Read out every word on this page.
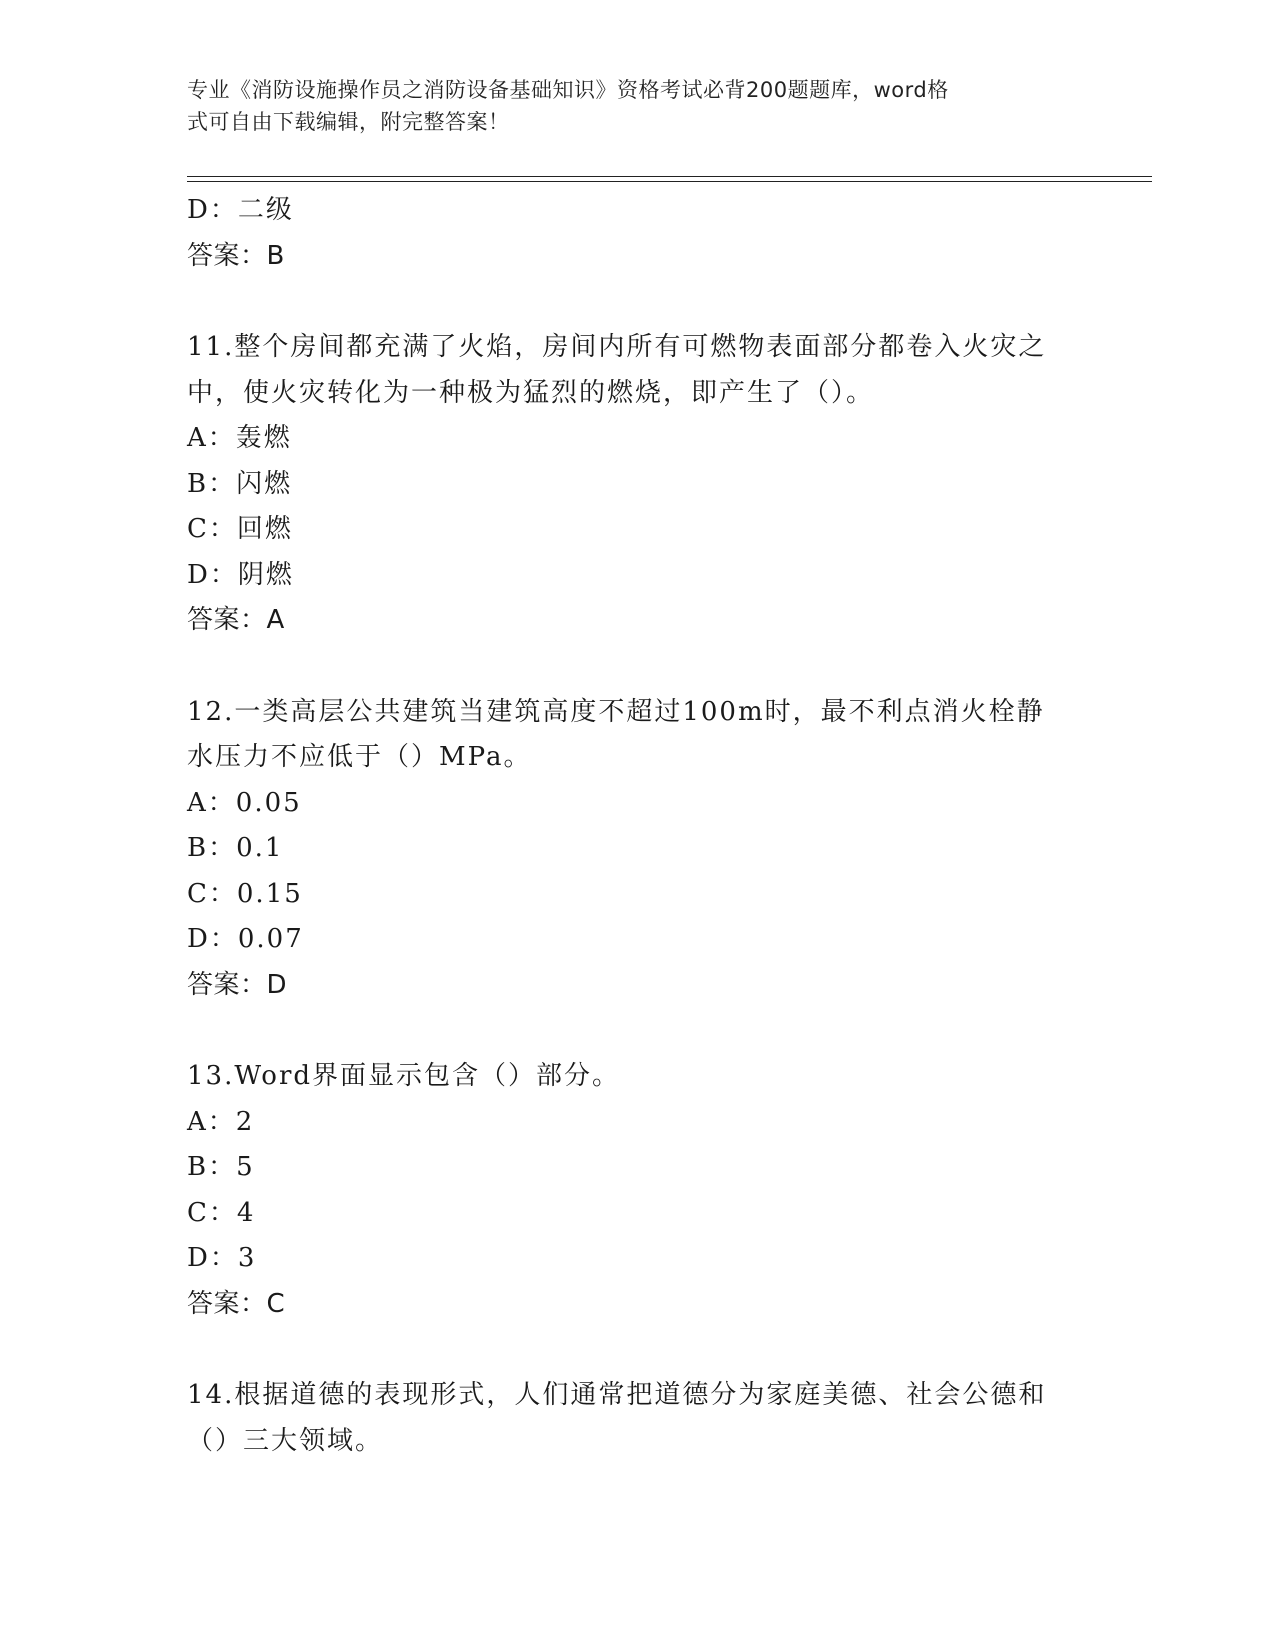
专业《消防设施操作员之消防设备基础知识》资格考试必背200题题库，word格
式可自由下载编辑，附完整答案！
D：二级
答案：B
11.整个房间都充满了火焰，房间内所有可燃物表面部分都卷入火灾之
中，使火灾转化为一种极为猛烈的燃烧，即产生了（）。
A：轰燃
B：闪燃
C：回燃
D：阴燃
答案：A
12.一类高层公共建筑当建筑高度不超过100m时，最不利点消火栓静
水压力不应低于（）MPa。
A：0.05
B：0.1
C：0.15
D：0.07
答案：D
13.Word界面显示包含（）部分。
A：2
B：5
C：4
D：3
答案：C
14.根据道德的表现形式，人们通常把道德分为家庭美德、社会公德和
（）三大领域。
